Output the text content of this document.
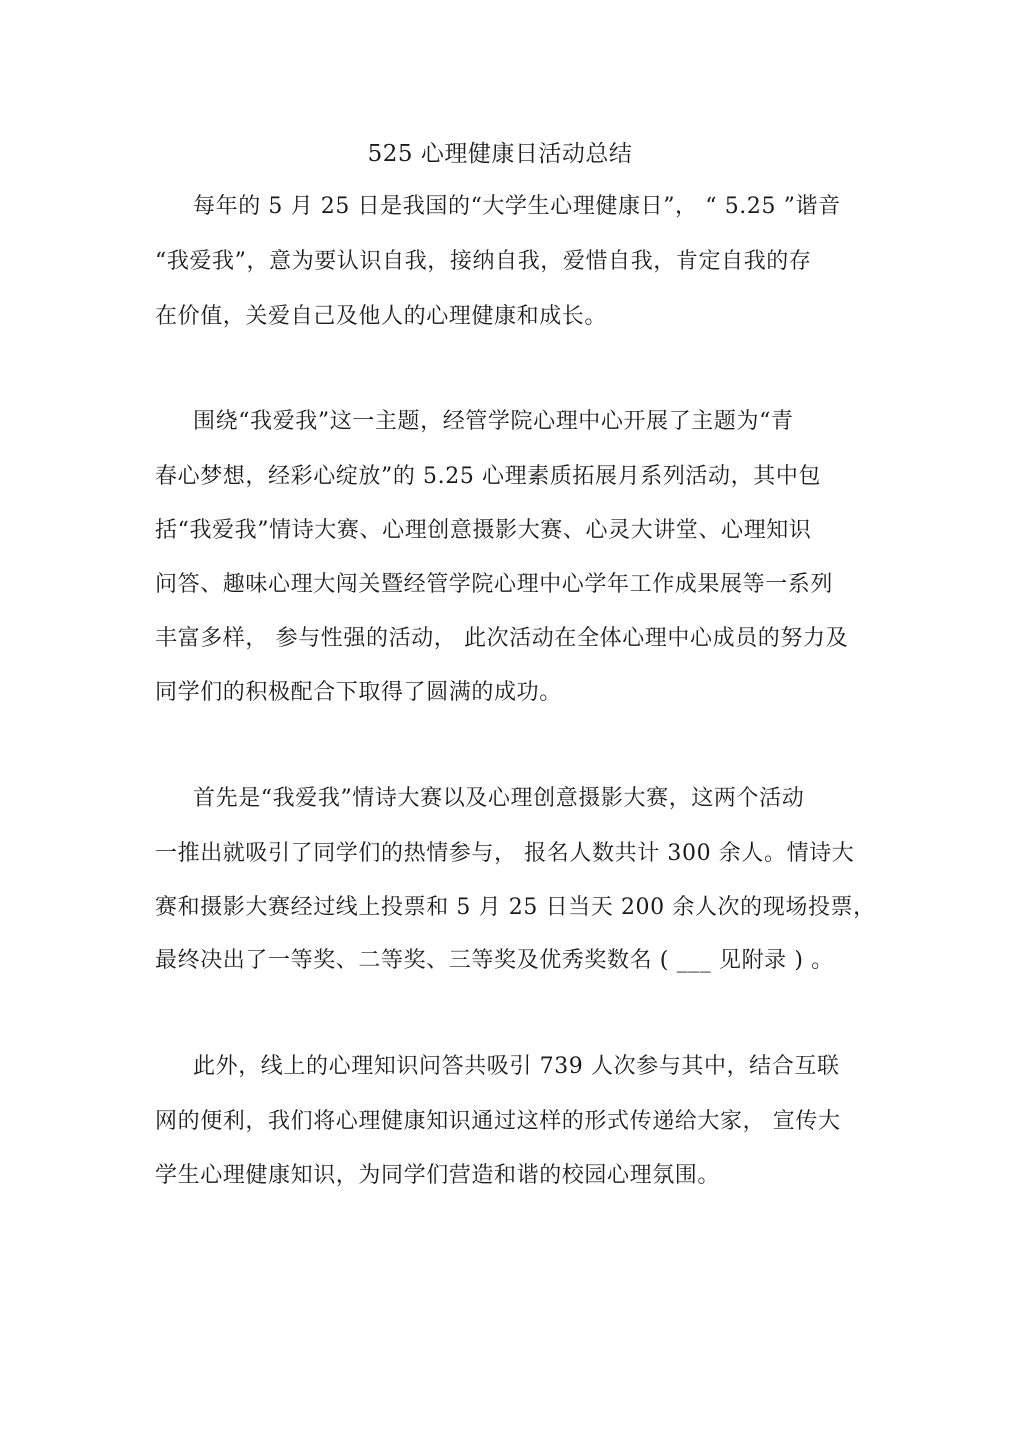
525 心理健康日活动总结
每年的 5 月 25 日是我国的“大学生心理健康日”， “ 5.25 ”谐音
“我爱我”，意为要认识自我，接纳自我，爱惜自我，肯定自我的存
在价值，关爱自己及他人的心理健康和成长。
围绕“我爱我”这一主题，经管学院心理中心开展了主题为“青
春心梦想，经彩心绽放”的 5.25 心理素质拓展月系列活动，其中包
括“我爱我”情诗大赛、心理创意摄影大赛、心灵大讲堂、心理知识
问答、趣味心理大闯关暨经管学院心理中心学年工作成果展等一系列
丰富多样， 参与性强的活动， 此次活动在全体心理中心成员的努力及
同学们的积极配合下取得了圆满的成功。
首先是“我爱我”情诗大赛以及心理创意摄影大赛，这两个活动
一推出就吸引了同学们的热情参与， 报名人数共计 300 余人。情诗大
赛和摄影大赛经过线上投票和 5 月 25 日当天 200 余人次的现场投票，
最终决出了一等奖、二等奖、三等奖及优秀奖数名 ( ___ 见附录 ) 。
此外，线上的心理知识问答共吸引 739 人次参与其中，结合互联
网的便利，我们将心理健康知识通过这样的形式传递给大家， 宣传大
学生心理健康知识，为同学们营造和谐的校园心理氛围。
